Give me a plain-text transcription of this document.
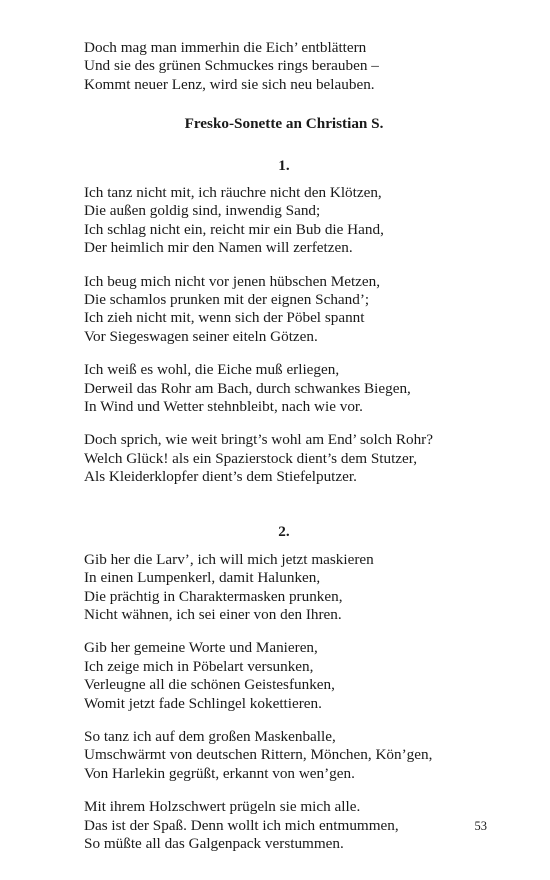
Doch mag man immerhin die Eich’ entblättern
Und sie des grünen Schmuckes rings berauben –
Kommt neuer Lenz, wird sie sich neu belauben.
Fresko-Sonette an Christian S.
1.
Ich tanz nicht mit, ich räuchre nicht den Klötzen,
Die außen goldig sind, inwendig Sand;
Ich schlag nicht ein, reicht mir ein Bub die Hand,
Der heimlich mir den Namen will zerfetzen.
Ich beug mich nicht vor jenen hübschen Metzen,
Die schamlos prunken mit der eignen Schand’;
Ich zieh nicht mit, wenn sich der Pöbel spannt
Vor Siegeswagen seiner eiteln Götzen.
Ich weiß es wohl, die Eiche muß erliegen,
Derweil das Rohr am Bach, durch schwankes Biegen,
In Wind und Wetter stehnbleibt, nach wie vor.
Doch sprich, wie weit bringt’s wohl am End’ solch Rohr?
Welch Glück! als ein Spazierstock dient’s dem Stutzer,
Als Kleiderklopfer dient’s dem Stiefelputzer.
2.
Gib her die Larv’, ich will mich jetzt maskieren
In einen Lumpenkerl, damit Halunken,
Die prächtig in Charaktermasken prunken,
Nicht wähnen, ich sei einer von den Ihren.
Gib her gemeine Worte und Manieren,
Ich zeige mich in Pöbelart versunken,
Verleugne all die schönen Geistesfunken,
Womit jetzt fade Schlingel kokettieren.
So tanz ich auf dem großen Maskenballe,
Umschwärmt von deutschen Rittern, Mönchen, Kön’gen,
Von Harlekin gegrüßt, erkannt von wen’gen.
Mit ihrem Holzschwert prügeln sie mich alle.
Das ist der Spaß. Denn wollt ich mich entmummen,
So müßte all das Galgenpack verstummen.
53
